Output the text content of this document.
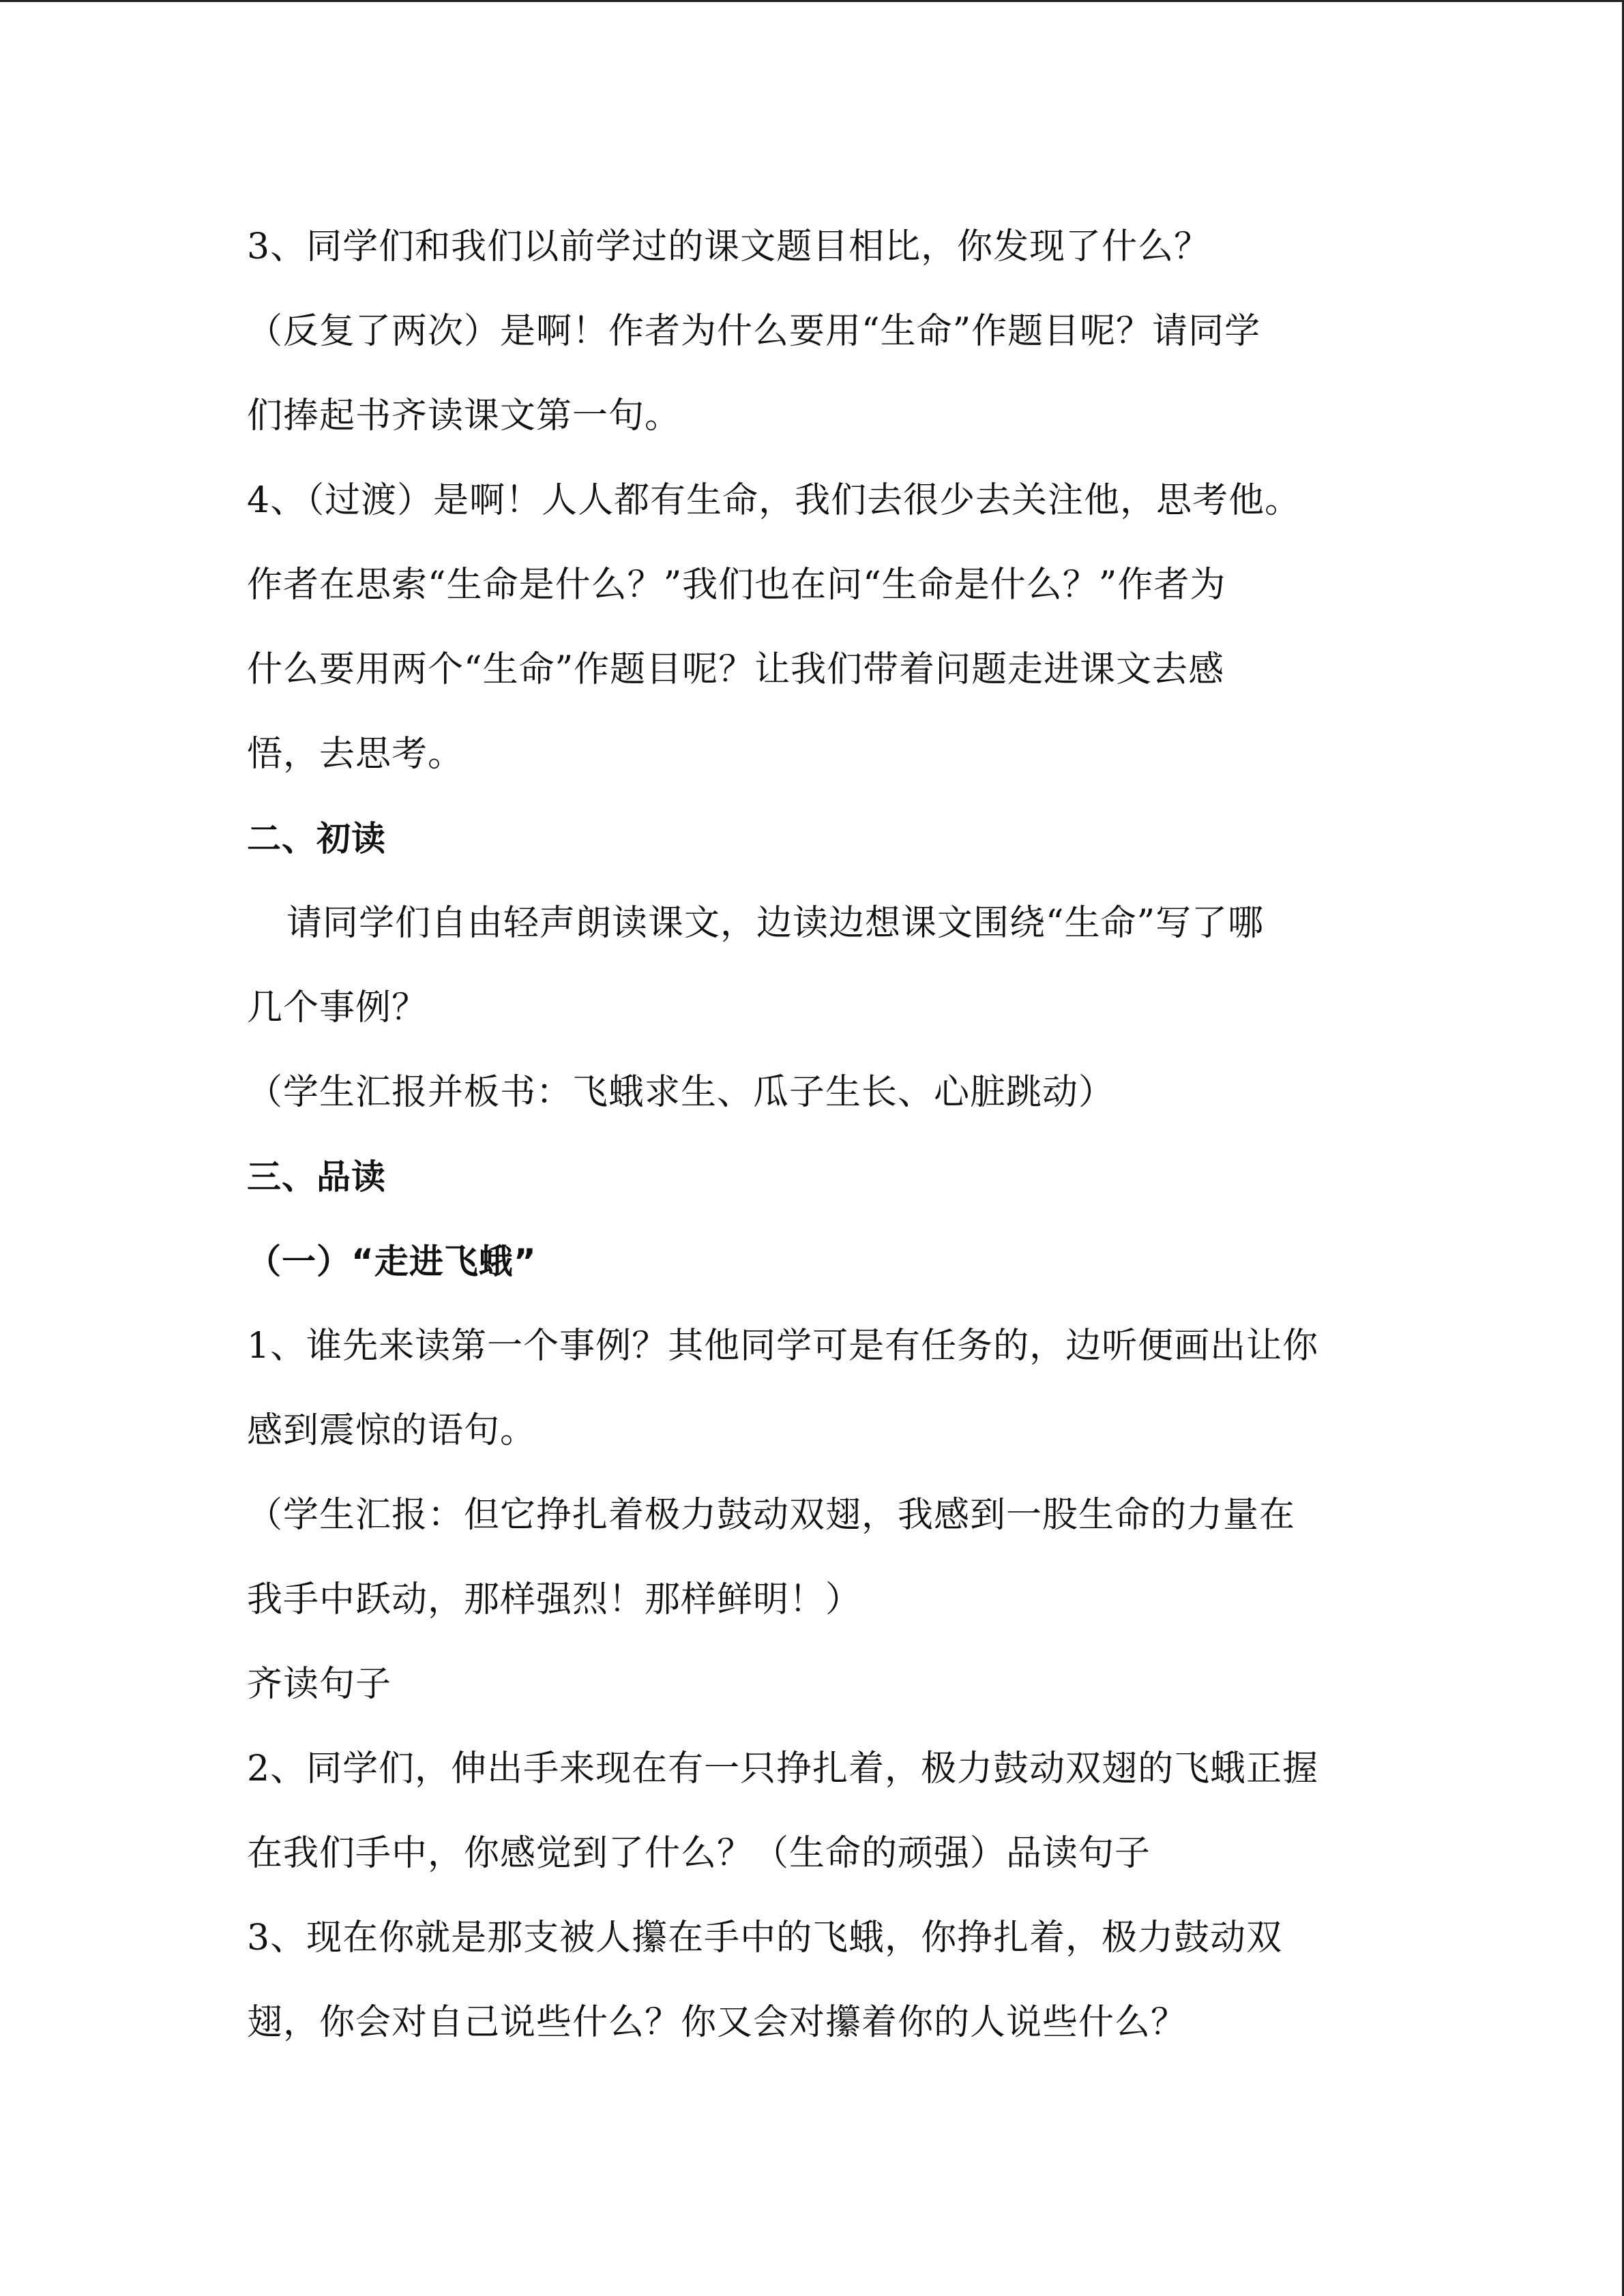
3、同学们和我们以前学过的课文题目相比，你发现了什么？
（反复了两次）是啊！作者为什么要用“生命”作题目呢？请同学
们捧起书齐读课文第一句。
4、（过渡）是啊！人人都有生命，我们去很少去关注他，思考他。
作者在思索“生命是什么？”我们也在问“生命是什么？”作者为
什么要用两个“生命”作题目呢？让我们带着问题走进课文去感
悟，去思考。
二、初读
请同学们自由轻声朗读课文，边读边想课文围绕“生命”写了哪
几个事例？
（学生汇报并板书：飞蛾求生、瓜子生长、心脏跳动）
三、品读
（一）“走进飞蛾”
1、谁先来读第一个事例？其他同学可是有任务的，边听便画出让你
感到震惊的语句。
（学生汇报：但它挣扎着极力鼓动双翅，我感到一股生命的力量在
我手中跃动，那样强烈！那样鲜明！）
齐读句子
2、同学们，伸出手来现在有一只挣扎着，极力鼓动双翅的飞蛾正握
在我们手中，你感觉到了什么？（生命的顽强）品读句子
3、现在你就是那支被人攥在手中的飞蛾，你挣扎着，极力鼓动双
翅，你会对自己说些什么？你又会对攥着你的人说些什么？
